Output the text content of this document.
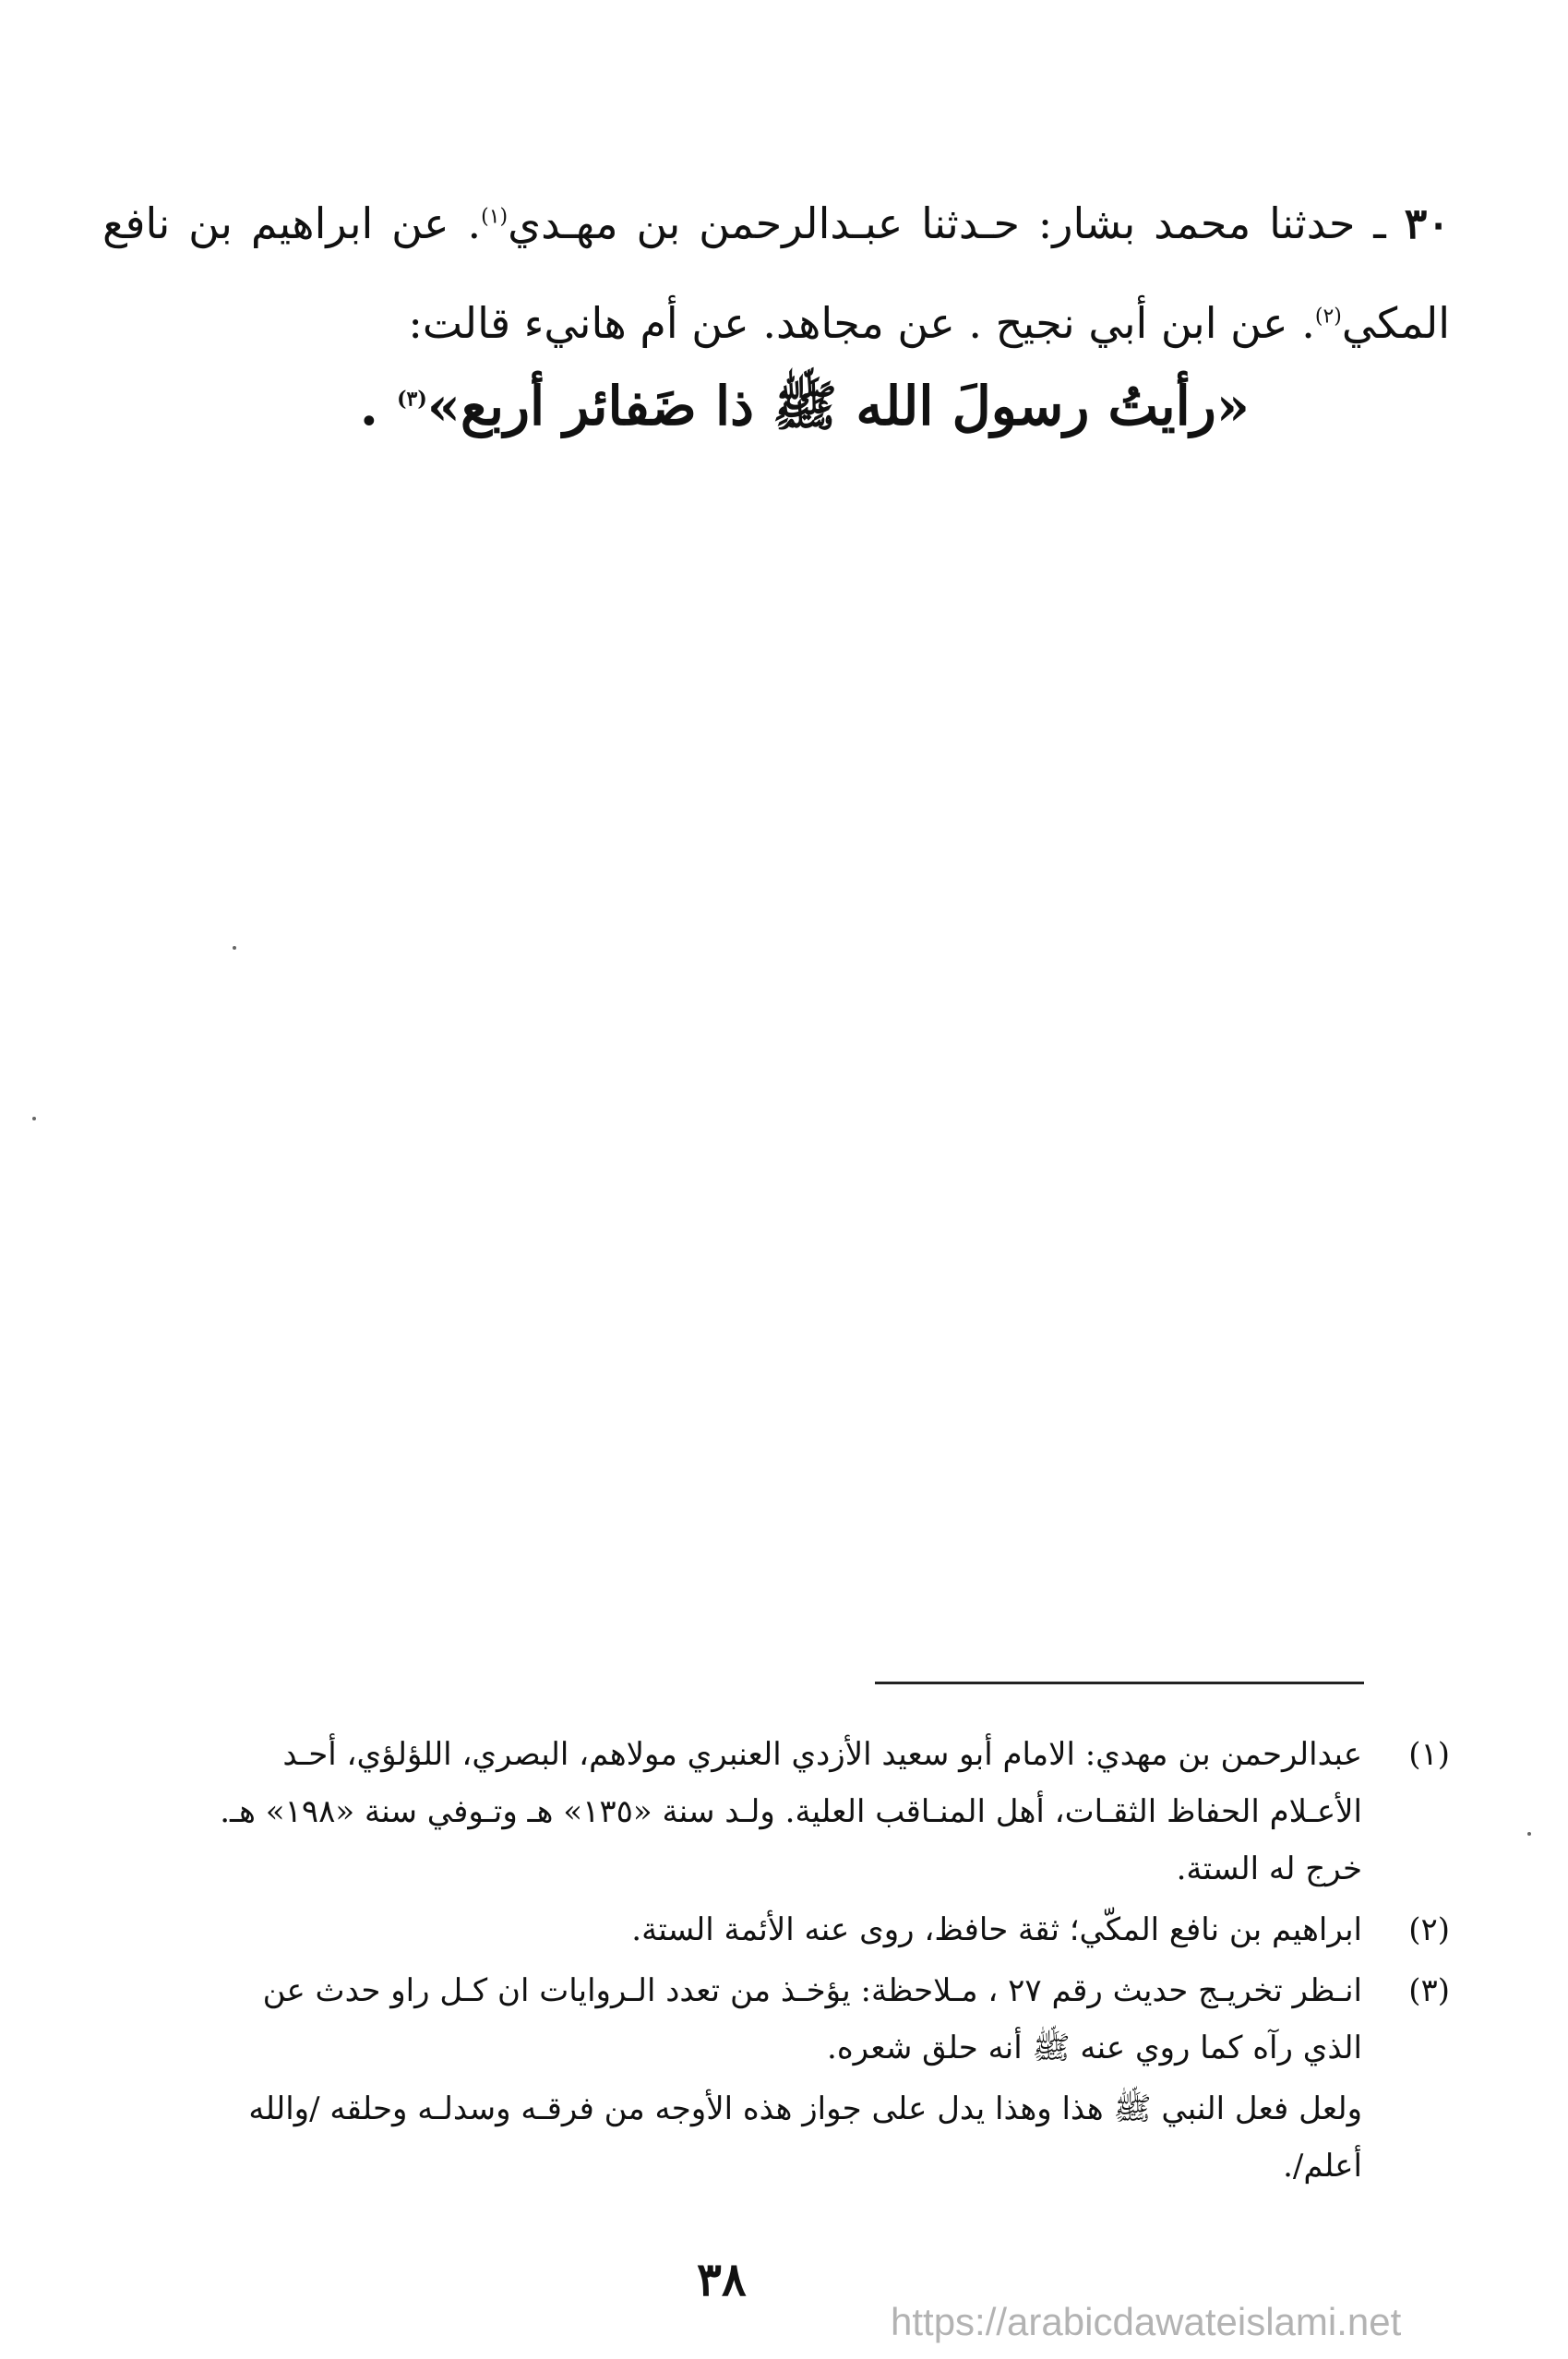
٣٠ ـ حدثنا محمد بشار: حـدثنا عبـدالرحمن بن مهـدي$^{(١)}$. عن ابراهيم بن نافع المكي$^{(٢)}$. عن ابن أبي نجيح . عن مجاهد. عن أم هانيء قالت:
«رأيتُ رسولَ الله ﷺ ذا ضَفائر أربع»$^{(٣)}$ .
(١)
عبدالرحمن بن مهدي: الامام أبو سعيد الأزدي العنبري مولاهم، البصري، اللؤلؤي، أحـد
الأعـلام الحفاظ الثقـات، أهل المنـاقب العلية. ولـد سنة «١٣٥» هـ وتـوفي سنة «١٩٨» هـ.
خرج له الستة.
(٢)
ابراهيم بن نافع المكّي؛ ثقة حافظ، روى عنه الأئمة الستة.
(٣)
انـظر تخريـج حديث رقم ٢٧ ، مـلاحظة: يؤخـذ من تعدد الـروايات ان كـل راو حدث عن
الذي رآه كما روي عنه ﷺ أنه حلق شعره.
ولعل فعل النبي ﷺ هذا وهذا يدل على جواز هذه الأوجه من فرقـه وسدلـه وحلقه /والله
أعلم/.
٣٨
https://arabicdawateislami.net
